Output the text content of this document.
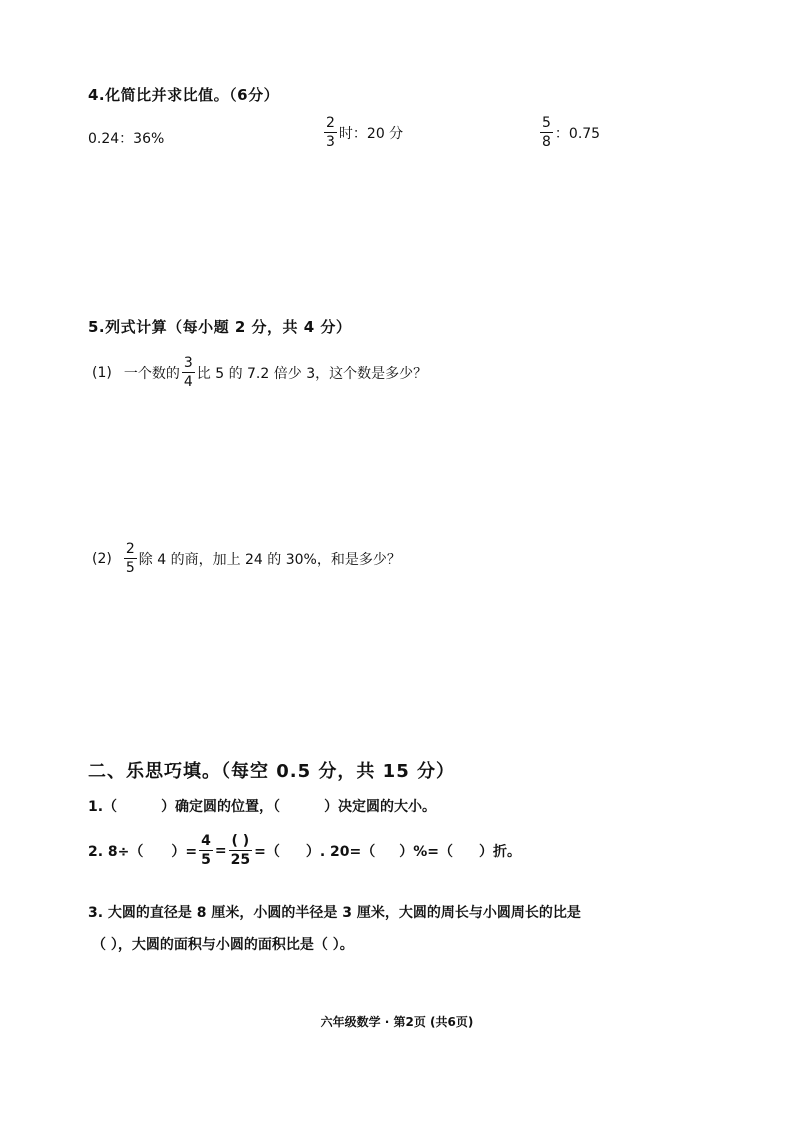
4.化简比并求比值。（6分）
0.24：36%	$\frac{2}{3}$ 时：20 分	$\frac{5}{8}$ ：0.75
5.列式计算（每小题 2 分，共 4 分）
(1) 一个数的 $\frac{3}{4}$ 比 5 的 7.2 倍少 3，这个数是多少？
$(2) \frac{2}{5}$ 除 4 的商，加上 24 的 30%，和是多少？
二、乐思巧填。（每空 0.5 分，共 15 分）
1.（	）确定圆的位置，（	）决定圆的大小。
2. 8÷（ ）= $\frac{4}{5} = \frac{( )}{25}$ =（ ）. 20=（ ）%=（ ）折。
3. 大圆的直径是 8 厘米，小圆的半径是 3 厘米，大圆的周长与小圆周长的比是
（ ），大圆的面积与小圆的面积比是（ ）。
六年级数学 · 第2页 (共6页)
